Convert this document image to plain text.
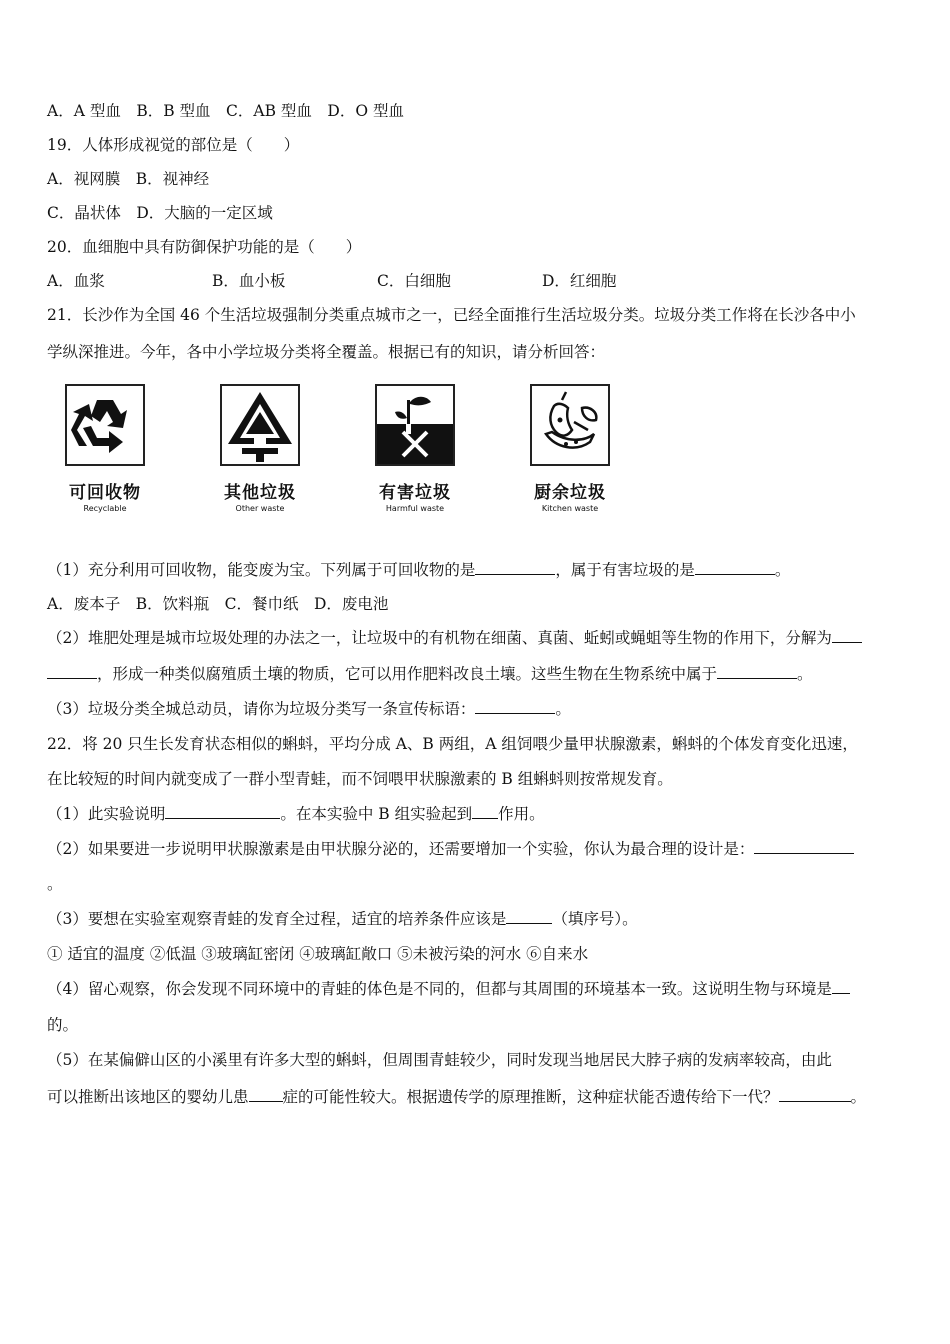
A．A 型血　B．B 型血　C．AB 型血　D．O 型血
19．人体形成视觉的部位是（　　）
A．视网膜　B．视神经
C．晶状体　D．大脑的一定区域
20．血细胞中具有防御保护功能的是（　　）
A．血浆	B．血小板	C．白细胞	D．红细胞
21．长沙作为全国 46 个生活垃圾强制分类重点城市之一，已经全面推行生活垃圾分类。垃圾分类工作将在长沙各中小
学纵深推进。今年，各中小学垃圾分类将全覆盖。根据已有的知识，请分析回答：
可回收物
Recyclable
其他垃圾
Other waste
有害垃圾
Harmful waste
厨余垃圾
Kitchen waste
（1）充分利用可回收物，能变废为宝。下列属于可回收物的是	，属于有害垃圾的是	。
A．废本子　B．饮料瓶　C．餐巾纸　D．废电池
（2）堆肥处理是城市垃圾处理的办法之一，让垃圾中的有机物在细菌、真菌、蚯蚓或蝇蛆等生物的作用下，分解为
，形成一种类似腐殖质土壤的物质，它可以用作肥料改良土壤。这些生物在生物系统中属于	。
（3）垃圾分类全城总动员，请你为垃圾分类写一条宣传标语：	。
22．将 20 只生长发育状态相似的蝌蚪，平均分成 A、B 两组，A 组饲喂少量甲状腺激素，蝌蚪的个体发育变化迅速，
在比较短的时间内就变成了一群小型青蛙，而不饲喂甲状腺激素的 B 组蝌蚪则按常规发育。
（1）此实验说明	。在本实验中 B 组实验起到 作用。
（2）如果要进一步说明甲状腺激素是由甲状腺分泌的，还需要增加一个实验，你认为最合理的设计是：
。
（3）要想在实验室观察青蛙的发育全过程，适宜的培养条件应该是	（填序号）。
① 适宜的温度 ②低温 ③玻璃缸密闭 ④玻璃缸敞口 ⑤未被污染的河水 ⑥自来水
（4）留心观察，你会发现不同环境中的青蛙的体色是不同的，但都与其周围的环境基本一致。这说明生物与环境是
的。
（5）在某偏僻山区的小溪里有许多大型的蝌蚪，但周围青蛙较少，同时发现当地居民大脖子病的发病率较高，由此
可以推断出该地区的婴幼儿患 症的可能性较大。根据遗传学的原理推断，这种症状能否遗传给下一代？	。
